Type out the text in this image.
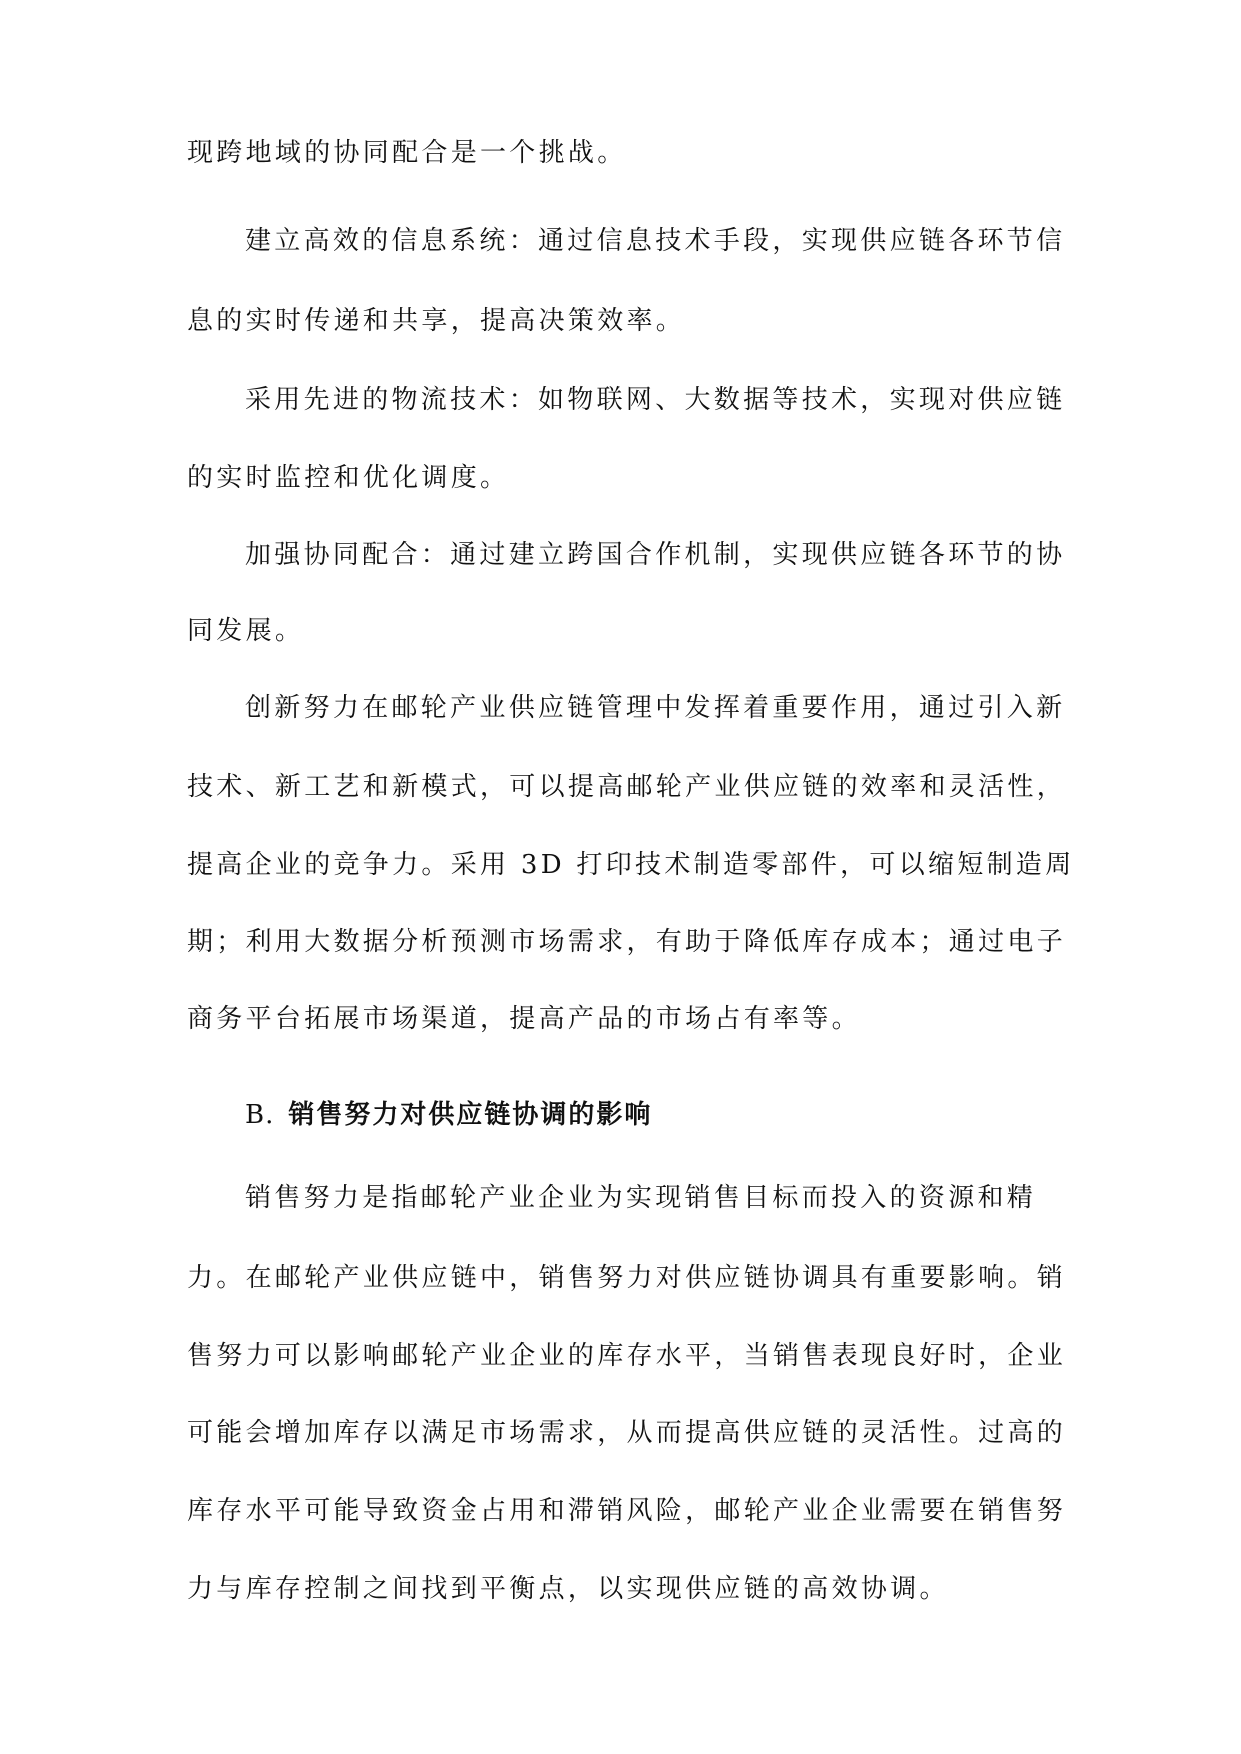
现跨地域的协同配合是一个挑战。

建立高效的信息系统：通过信息技术手段，实现供应链各环节信

息的实时传递和共享，提高决策效率。

采用先进的物流技术：如物联网、大数据等技术，实现对供应链

的实时监控和优化调度。

加强协同配合：通过建立跨国合作机制，实现供应链各环节的协

同发展。

创新努力在邮轮产业供应链管理中发挥着重要作用，通过引入新

技术、新工艺和新模式，可以提高邮轮产业供应链的效率和灵活性，

提高企业的竞争力。采用 3D 打印技术制造零部件，可以缩短制造周

期；利用大数据分析预测市场需求，有助于降低库存成本；通过电子

商务平台拓展市场渠道，提高产品的市场占有率等。

B. 销售努力对供应链协调的影响

销售努力是指邮轮产业企业为实现销售目标而投入的资源和精

力。在邮轮产业供应链中，销售努力对供应链协调具有重要影响。销

售努力可以影响邮轮产业企业的库存水平，当销售表现良好时，企业

可能会增加库存以满足市场需求，从而提高供应链的灵活性。过高的

库存水平可能导致资金占用和滞销风险，邮轮产业企业需要在销售努

力与库存控制之间找到平衡点，以实现供应链的高效协调。
